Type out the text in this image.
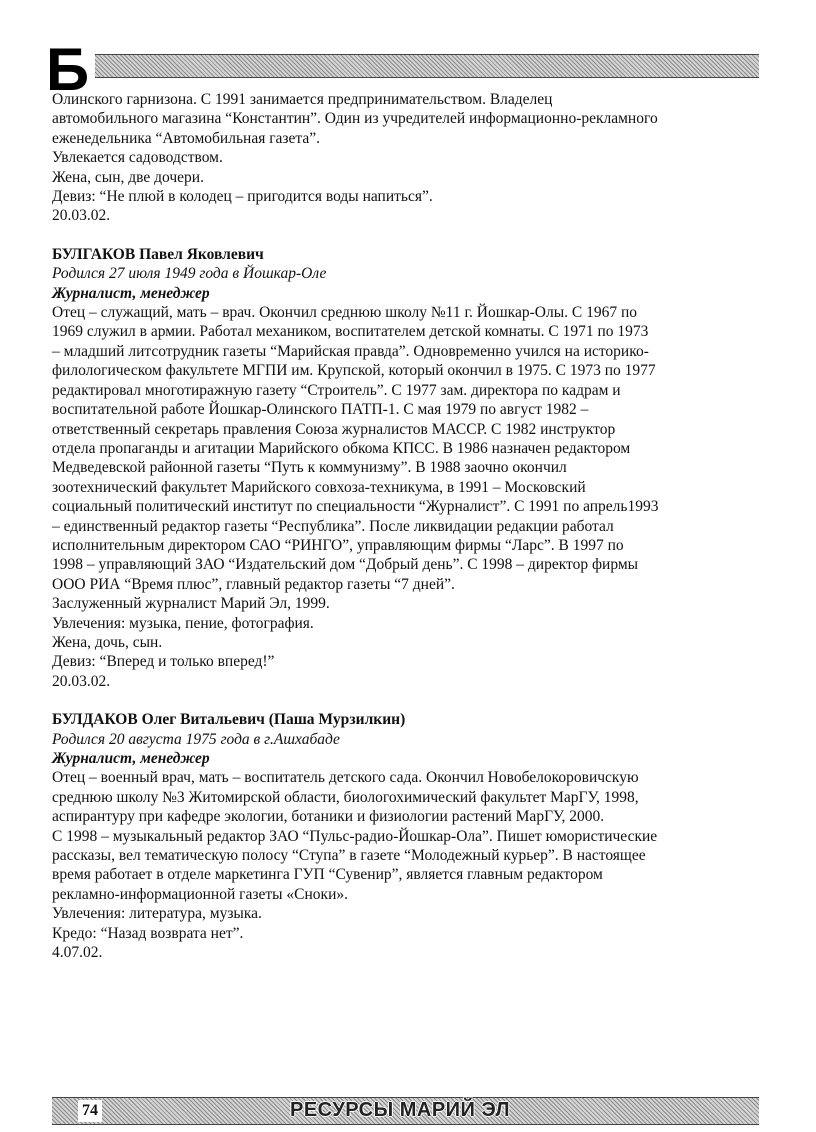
Б
Олинского гарнизона. С 1991 занимается предпринимательством. Владелец
автомобильного магазина “Константин”. Один из учредителей информационно-рекламного
еженедельника “Автомобильная газета”.
Увлекается садоводством.
Жена, сын, две дочери.
Девиз: “Не плюй в колодец – пригодится воды напиться”.
20.03.02.
БУЛГАКОВ Павел Яковлевич
Родился 27 июля 1949 года в Йошкар-Оле
Журналист, менеджер
Отец – служащий, мать – врач. Окончил среднюю школу №11 г. Йошкар-Олы. С 1967 по
1969 служил в армии. Работал механиком, воспитателем детской комнаты. С 1971 по 1973
– младший литсотрудник газеты “Марийская правда”. Одновременно учился на историко-
филологическом факультете МГПИ им. Крупской, который окончил в 1975. С 1973 по 1977
редактировал многотиражную газету “Строитель”. С 1977 зам. директора по кадрам и
воспитательной работе Йошкар-Олинского ПАТП-1. С мая 1979 по август 1982 –
ответственный секретарь правления Союза журналистов МАССР. С 1982 инструктор
отдела пропаганды и агитации Марийского обкома КПСС. В 1986 назначен редактором
Медведевской районной газеты “Путь к коммунизму”. В 1988 заочно окончил
зоотехнический факультет Марийского совхоза-техникума, в 1991 – Московский
социальный политический институт по специальности “Журналист”. С 1991 по апрель1993
– единственный редактор газеты “Республика”. После ликвидации редакции работал
исполнительным директором САО “РИНГО”, управляющим фирмы “Ларс”. В 1997 по
1998 – управляющий ЗАО “Издательский дом “Добрый день”. С 1998 – директор фирмы
ООО РИА “Время плюс”, главный редактор газеты “7 дней”.
Заслуженный журналист Марий Эл, 1999.
Увлечения: музыка, пение, фотография.
Жена, дочь, сын.
Девиз: “Вперед и только вперед!”
20.03.02.
БУЛДАКОВ Олег Витальевич (Паша Мурзилкин)
Родился 20 августа 1975 года в г.Ашхабаде
Журналист, менеджер
Отец – военный врач, мать – воспитатель детского сада. Окончил Новобелокоровичскую
среднюю школу №3 Житомирской области, биологохимический факультет МарГУ, 1998,
аспирантуру при кафедре экологии, ботаники и физиологии растений МарГУ, 2000.
С 1998 – музыкальный редактор ЗАО “Пульс-радио-Йошкар-Ола”. Пишет юмористические
рассказы, вел тематическую полосу “Ступа” в газете “Молодежный курьер”. В настоящее
время работает в отделе маркетинга ГУП “Сувенир”, является главным редактором
рекламно-информационной газеты «Сноки».
Увлечения: литература, музыка.
Кредо: “Назад возврата нет”.
4.07.02.
74	РЕСУРСЫ МАРИЙ ЭЛ
